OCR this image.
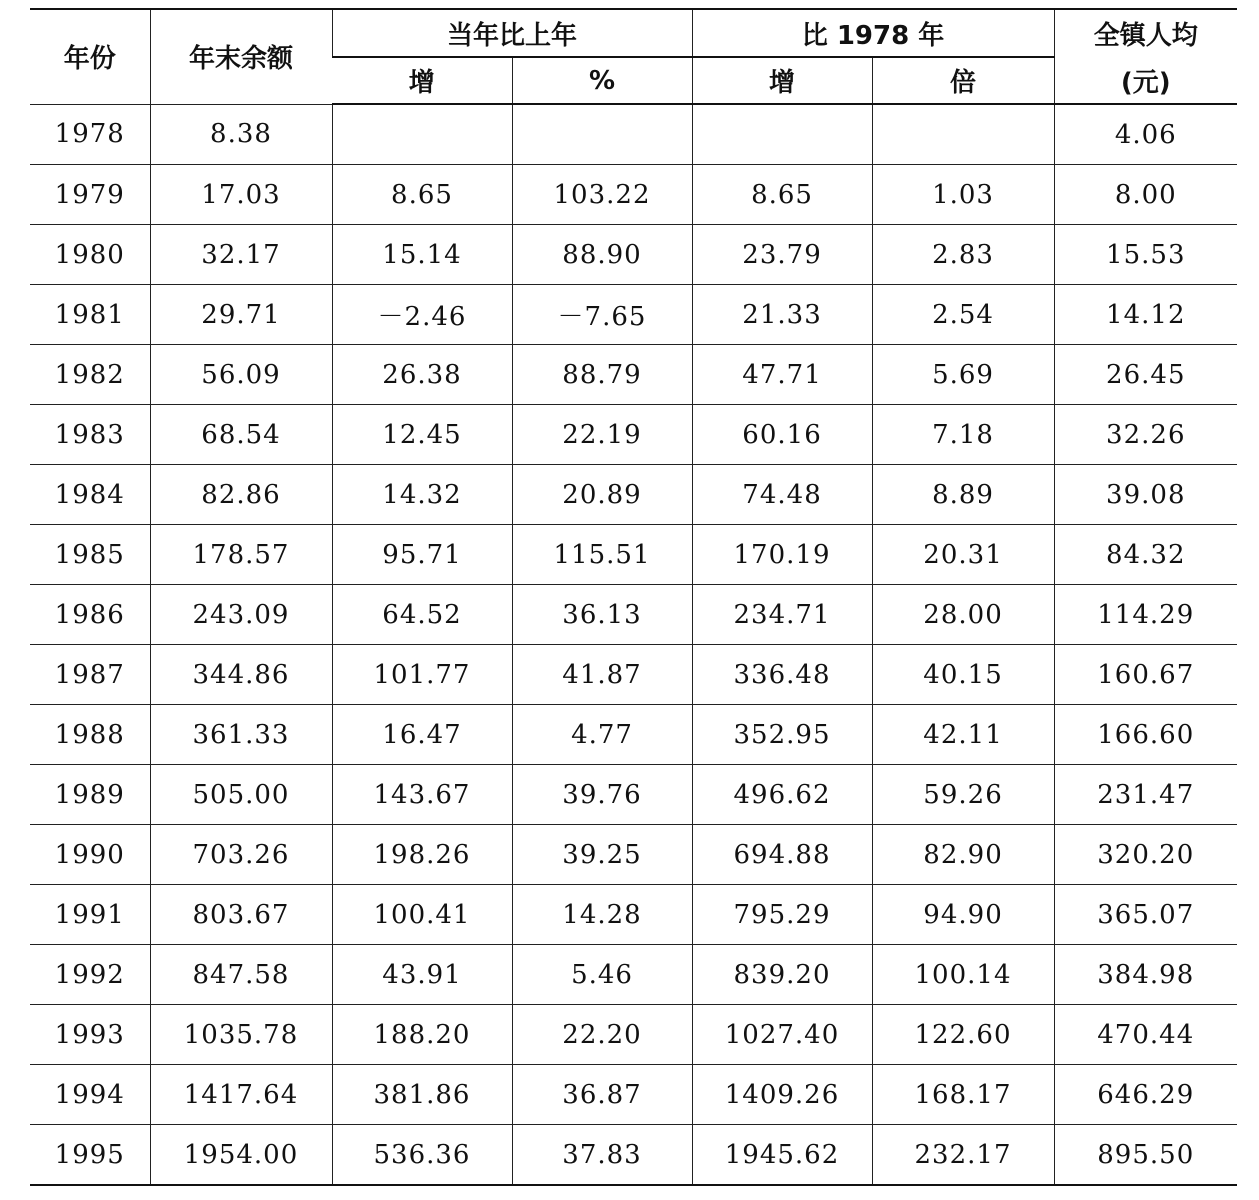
年份	年末余额	当年比上年		比 1978 年		全镇人均
		增	%	增	倍	(元)
1978	8.38					4.06
1979	17.03	8.65	103.22	8.65	1.03	8.00
1980	32.17	15.14	88.90	23.79	2.83	15.53
1981	29.71	－2.46	－7.65	21.33	2.54	14.12
1982	56.09	26.38	88.79	47.71	5.69	26.45
1983	68.54	12.45	22.19	60.16	7.18	32.26
1984	82.86	14.32	20.89	74.48	8.89	39.08
1985	178.57	95.71	115.51	170.19	20.31	84.32
1986	243.09	64.52	36.13	234.71	28.00	114.29
1987	344.86	101.77	41.87	336.48	40.15	160.67
1988	361.33	16.47	4.77	352.95	42.11	166.60
1989	505.00	143.67	39.76	496.62	59.26	231.47
1990	703.26	198.26	39.25	694.88	82.90	320.20
1991	803.67	100.41	14.28	795.29	94.90	365.07
1992	847.58	43.91	5.46	839.20	100.14	384.98
1993	1035.78	188.20	22.20	1027.40	122.60	470.44
1994	1417.64	381.86	36.87	1409.26	168.17	646.29
1995	1954.00	536.36	37.83	1945.62	232.17	895.50
